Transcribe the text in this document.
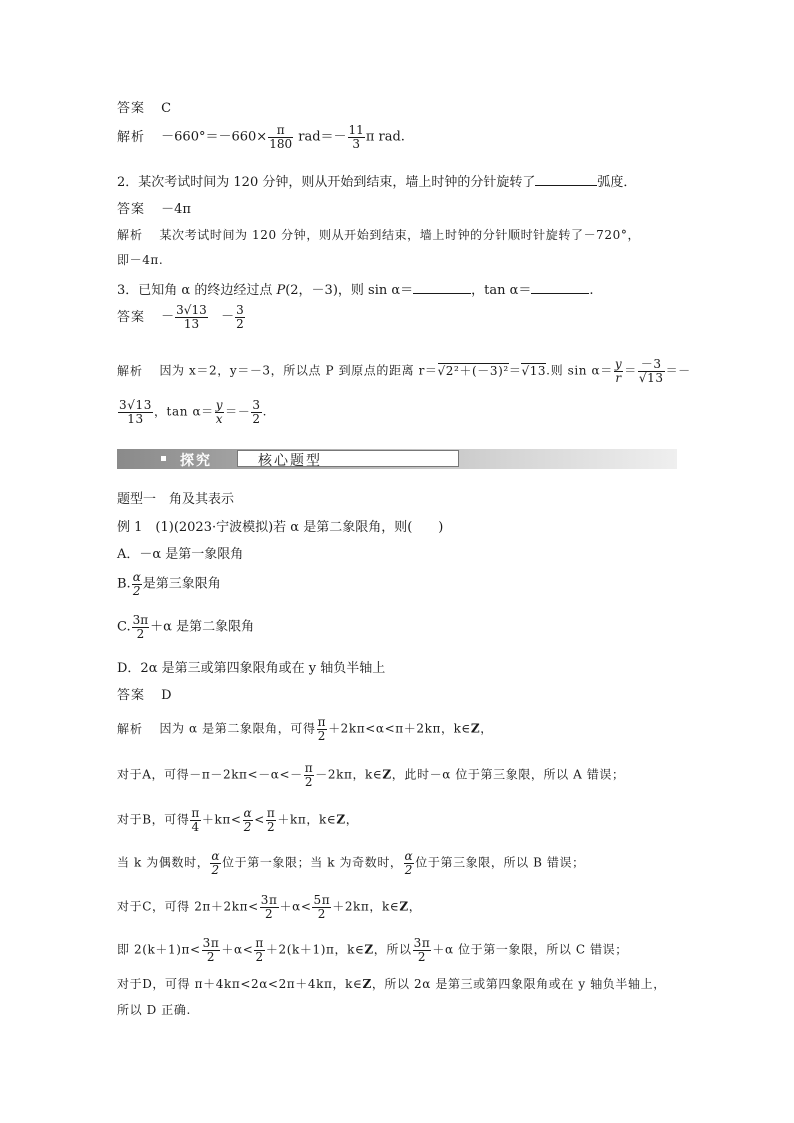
答案 C
解析 $-660^\circ=-660\times \frac{\pi}{180} rad=- \frac{11}{3}$ π rad.
2．某次考试时间为 120 分钟，则从开始到结束，墙上时钟的分针旋转了	弧度．
答案 －4π
解析 某次考试时间为 120 分钟，则从开始到结束，墙上时钟的分针顺时针旋转了－720°，
即－4π.
3．已知角 α 的终边经过点 P(2，－3)，则 sin α＝	，tan α＝	.
答案 － $\frac{3√13}{13} - \frac{3}{2}$
解析 因为 x＝2，y＝－3，所以点 P 到原点的距离 r＝√2²＋(－3)²＝√13.则 $\sin \alpha= \frac{y}{r} = \frac{-3}{√13}$ ＝－
$\frac{3√13}{13}$ ，$\tan \alpha= \frac{y}{x} =- \frac{3}{2}$ .
探究	核心题型
题型一　角及其表示
例 1　(1)(2023·宁波模拟)若 α 是第二象限角，则(　　)
A．－α 是第一象限角
B. $\frac{\alpha}{2}$ 是第三象限角
C. $\frac{3\pi}{2} +\alpha$ 是第二象限角
D．2α 是第三或第四象限角或在 y 轴负半轴上
答案 D
解析 因为 α 是第二象限角，可得 $\frac{\pi}{2} +2k\pi<\alpha<\pi+2k\pi$，k∈Z，
对于A，可得$-\pi-2k\pi<-\alpha<- \frac{\pi}{2} -2k\pi$，k∈Z，此时－α 位于第三象限，所以 A 错误；
对于B，可得 $\frac{\pi}{4} +k\pi< \frac{\alpha}{2} < \frac{\pi}{2} +k\pi$，k∈Z，
当 k 为偶数时， $\frac{\alpha}{2}$ 位于第一象限；当 k 为奇数时， $\frac{\alpha}{2}$ 位于第三象限，所以 B 错误；
对于C，可得 $2\pi+2k\pi< \frac{3\pi}{2} +\alpha< \frac{5\pi}{2} +2k\pi$，k∈Z，
即 $2(k+1)\pi< \frac{3\pi}{2} +\alpha< \frac{\pi}{2} +2(k+1)\pi$，k∈Z，所以 $\frac{3\pi}{2} +\alpha$ 位于第一象限，所以 C 错误；
对于D，可得 π＋4kπ<2α<2π＋4kπ，k∈Z，所以 2α 是第三或第四象限角或在 y 轴负半轴上，
所以 D 正确.
